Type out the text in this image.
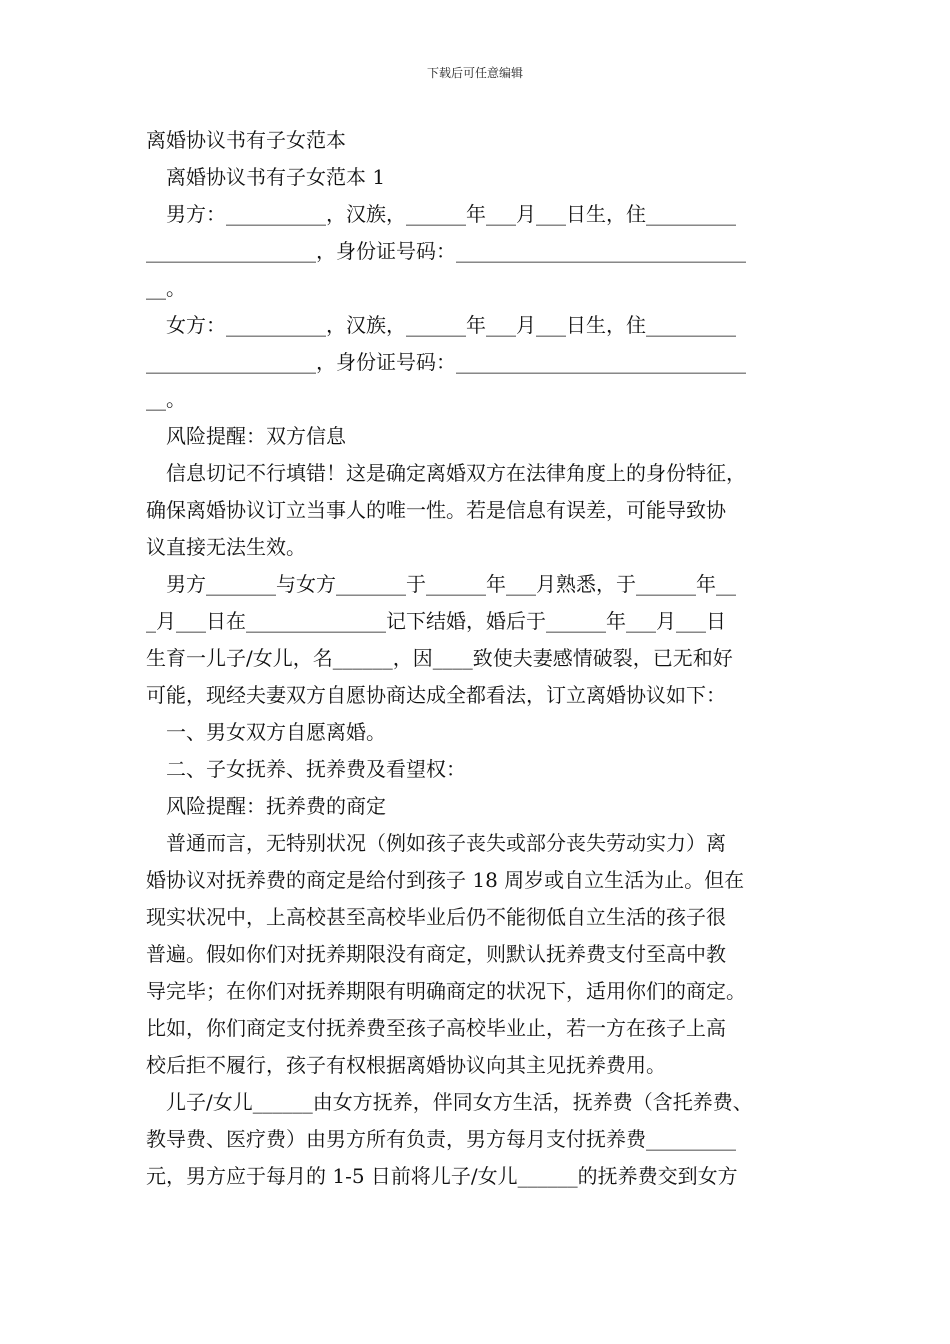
下载后可任意编辑
离婚协议书有子女范本
离婚协议书有子女范本 1
男方：__________，汉族，______年___月___日生，住_________
_________________，身份证号码：_____________________________
__。
女方：__________，汉族，______年___月___日生，住_________
_________________，身份证号码：_____________________________
__。
风险提醒：双方信息
信息切记不行填错！这是确定离婚双方在法律角度上的身份特征，
确保离婚协议订立当事人的唯一性。若是信息有误差，可能导致协
议直接无法生效。
男方_______与女方_______于______年___月熟悉，于______年__
_月___日在______________记下结婚，婚后于______年___月___日
生育一儿子/女儿，名______，因____致使夫妻感情破裂，已无和好
可能，现经夫妻双方自愿协商达成全都看法，订立离婚协议如下：
一、男女双方自愿离婚。
二、子女抚养、抚养费及看望权：
风险提醒：抚养费的商定
普通而言，无特别状况（例如孩子丧失或部分丧失劳动实力）离
婚协议对抚养费的商定是给付到孩子 18 周岁或自立生活为止。但在
现实状况中，上高校甚至高校毕业后仍不能彻低自立生活的孩子很
普遍。假如你们对抚养期限没有商定，则默认抚养费支付至高中教
导完毕；在你们对抚养期限有明确商定的状况下，适用你们的商定。
比如，你们商定支付抚养费至孩子高校毕业止，若一方在孩子上高
校后拒不履行，孩子有权根据离婚协议向其主见抚养费用。
儿子/女儿______由女方抚养，伴同女方生活，抚养费（含托养费、
教导费、医疗费）由男方所有负责，男方每月支付抚养费_________
元，男方应于每月的 1-5 日前将儿子/女儿______的抚养费交到女方
